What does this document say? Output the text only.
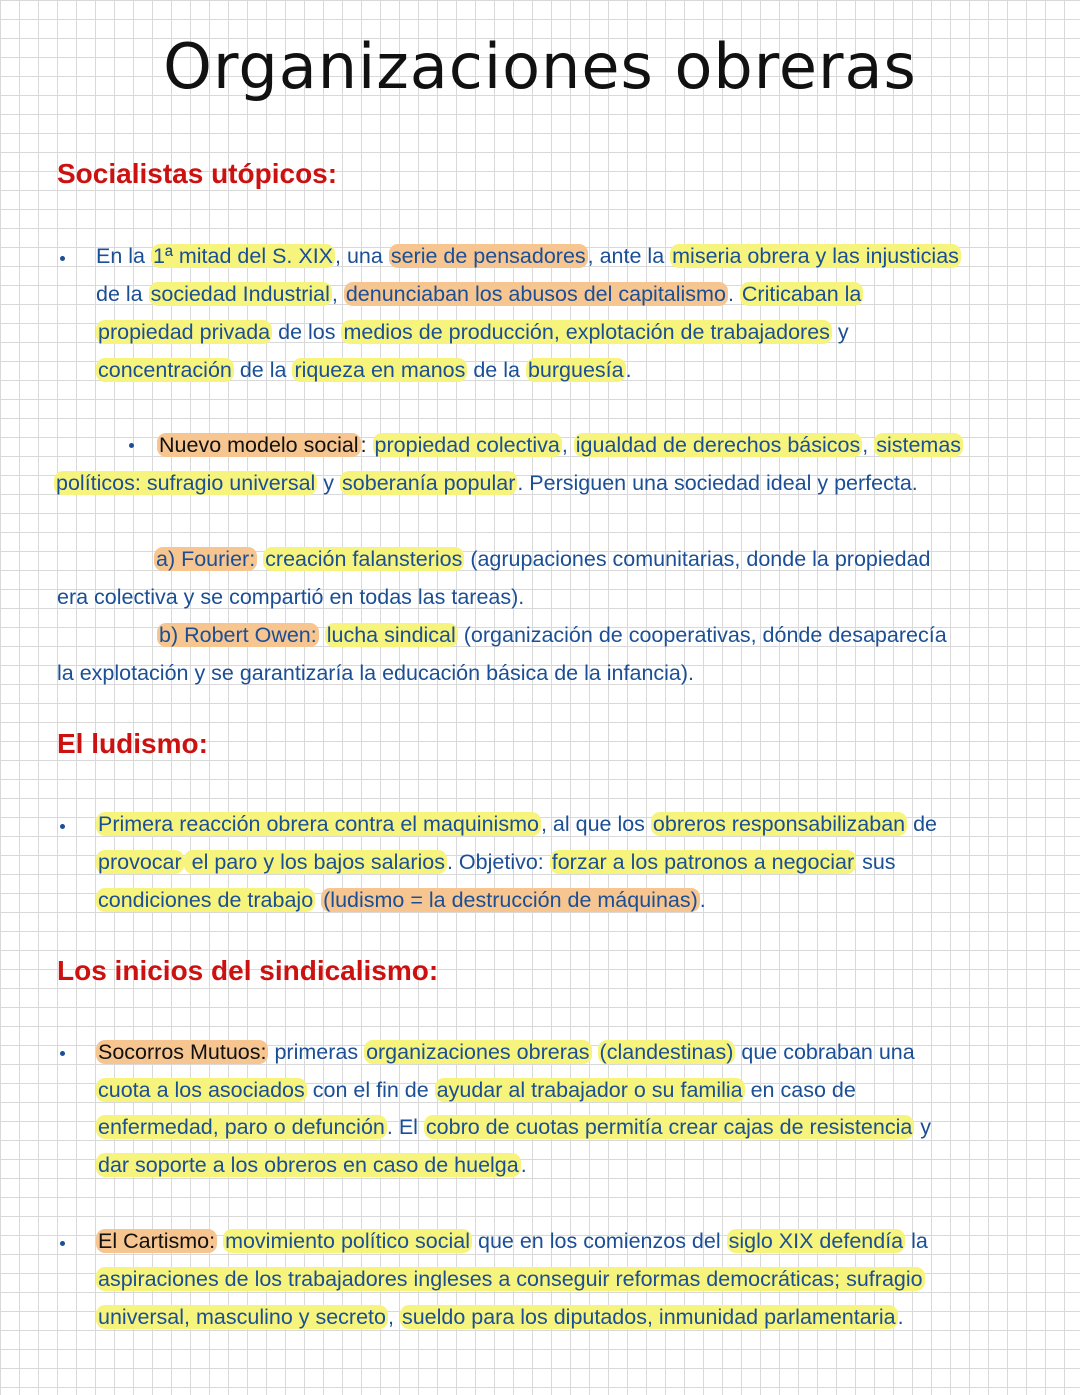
Organizaciones obreras
Socialistas utópicos:
En la 1ª mitad del S. XIX, una serie de pensadores, ante la miseria obrera y las injusticias
de la sociedad Industrial, denunciaban los abusos del capitalismo. Criticaban la
propiedad privada de los medios de producción, explotación de trabajadores y
concentración de la riqueza en manos de la burguesía.
Nuevo modelo social: propiedad colectiva, igualdad de derechos básicos, sistemas
políticos: sufragio universal y soberanía popular. Persiguen una sociedad ideal y perfecta.
a) Fourier: creación falansterios (agrupaciones comunitarias, donde la propiedad
era colectiva y se compartió en todas las tareas).
b) Robert Owen: lucha sindical (organización de cooperativas, dónde desaparecía
la explotación y se garantizaría la educación básica de la infancia).
El ludismo:
Primera reacción obrera contra el maquinismo, al que los obreros responsabilizaban de
provocar el paro y los bajos salarios. Objetivo: forzar a los patronos a negociar sus
condiciones de trabajo (ludismo = la destrucción de máquinas).
Los inicios del sindicalismo:
Socorros Mutuos: primeras organizaciones obreras (clandestinas) que cobraban una
cuota a los asociados con el fin de ayudar al trabajador o su familia en caso de
enfermedad, paro o defunción. El cobro de cuotas permitía crear cajas de resistencia y
dar soporte a los obreros en caso de huelga.
El Cartismo: movimiento político social que en los comienzos del siglo XIX defendía la
aspiraciones de los trabajadores ingleses a conseguir reformas democráticas; sufragio
universal, masculino y secreto, sueldo para los diputados, inmunidad parlamentaria.
